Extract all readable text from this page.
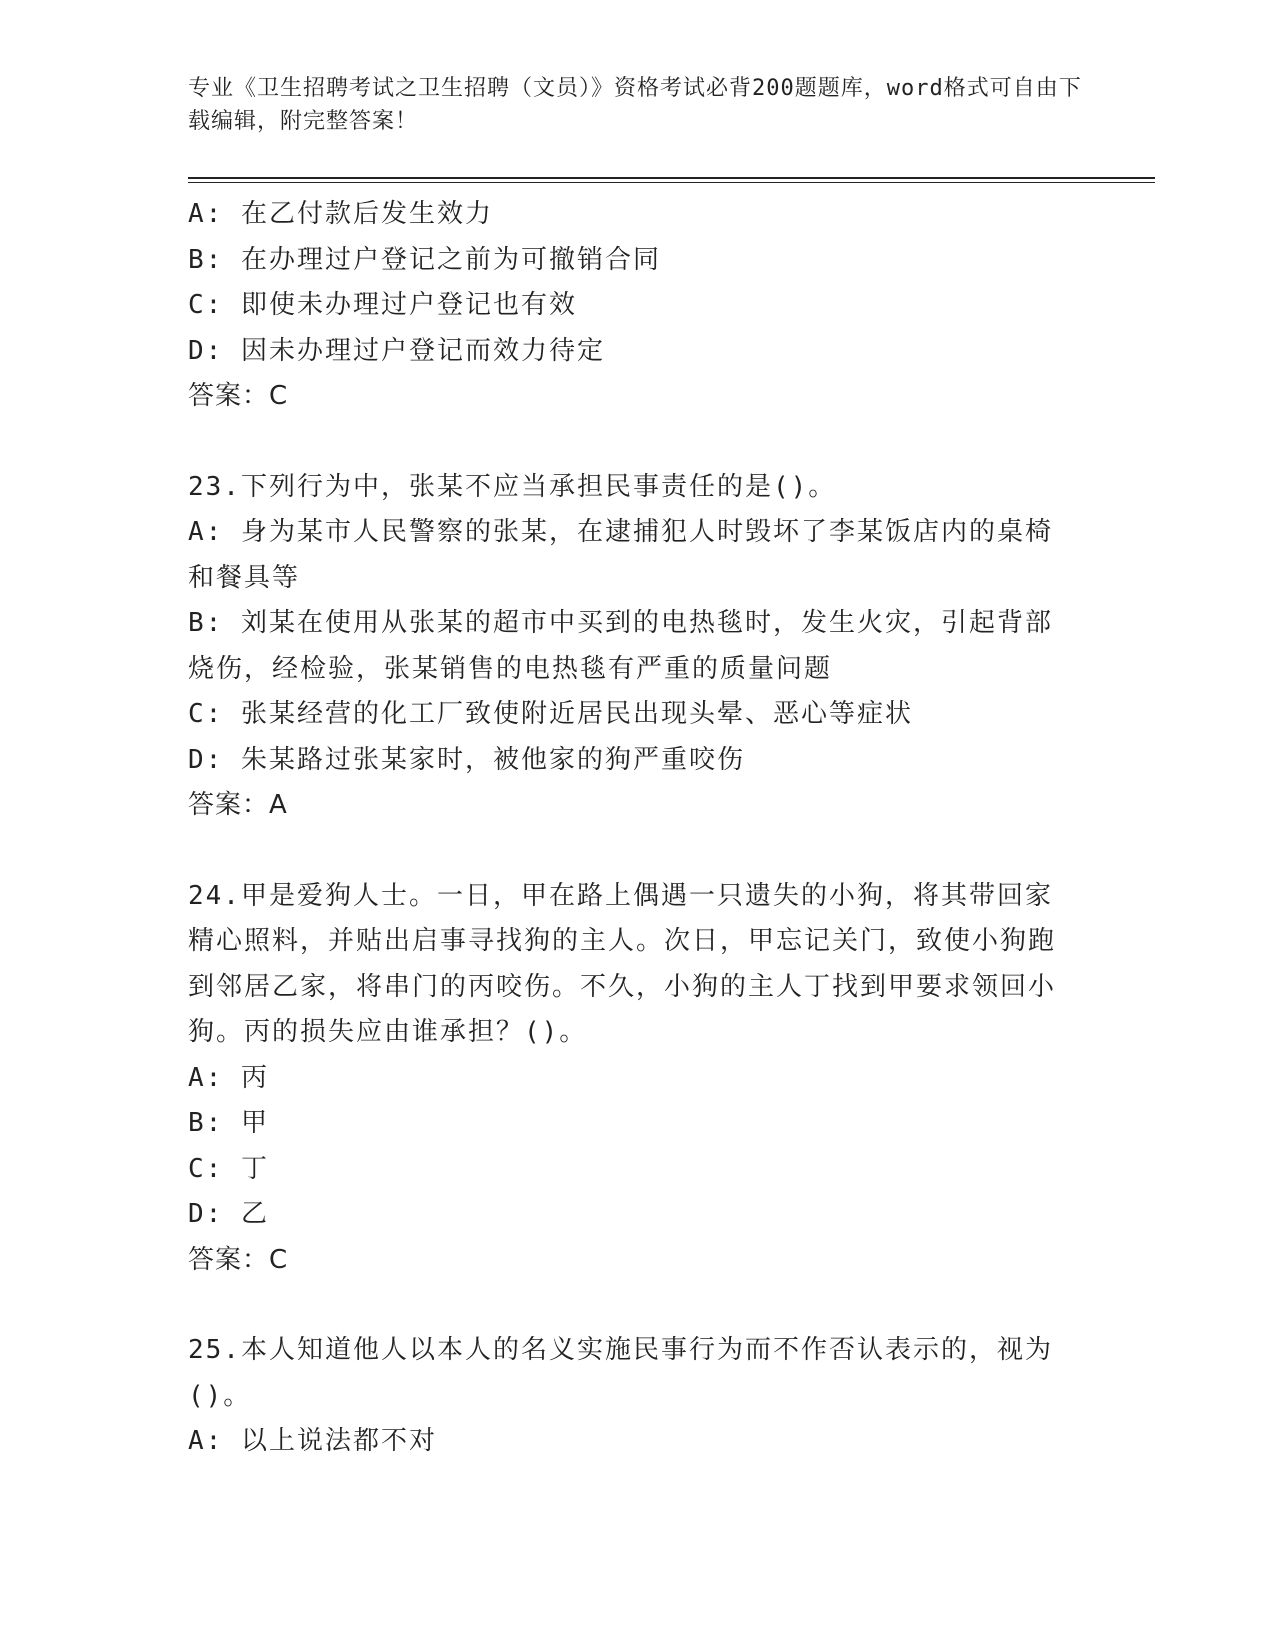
专业《卫生招聘考试之卫生招聘（文员）》资格考试必背200题题库，word格式可自由下载编辑，附完整答案！
A: 在乙付款后发生效力
B: 在办理过户登记之前为可撤销合同
C: 即使未办理过户登记也有效
D: 因未办理过户登记而效力待定
答案：C
23.下列行为中，张某不应当承担民事责任的是()。
A: 身为某市人民警察的张某，在逮捕犯人时毁坏了李某饭店内的桌椅和餐具等
B: 刘某在使用从张某的超市中买到的电热毯时，发生火灾，引起背部烧伤，经检验，张某销售的电热毯有严重的质量问题
C: 张某经营的化工厂致使附近居民出现头晕、恶心等症状
D: 朱某路过张某家时，被他家的狗严重咬伤
答案：A
24.甲是爱狗人士。一日，甲在路上偶遇一只遗失的小狗，将其带回家精心照料，并贴出启事寻找狗的主人。次日，甲忘记关门，致使小狗跑到邻居乙家，将串门的丙咬伤。不久，小狗的主人丁找到甲要求领回小狗。丙的损失应由谁承担？()。
A: 丙
B: 甲
C: 丁
D: 乙
答案：C
25.本人知道他人以本人的名义实施民事行为而不作否认表示的，视为()。
A: 以上说法都不对
